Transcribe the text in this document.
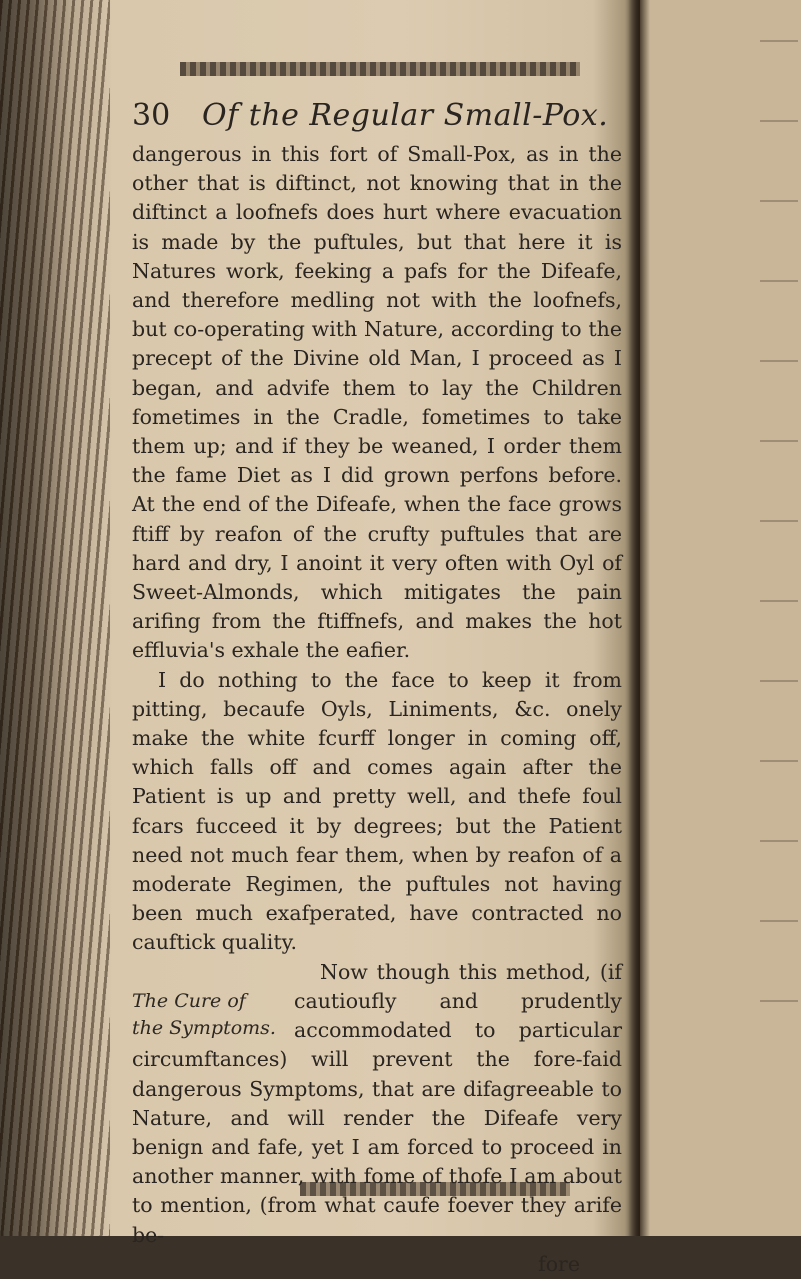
30	Of the Regular Small-Pox.

dangerous in this fort of Small-Pox, as in the other that is diftinct, not knowing that in the diftinct a loofnefs does hurt where evacuation is made by the puftules, but that here it is Natures work, feeking a pafs for the Difeafe, and therefore medling not with the loofnefs, but co-operating with Nature, according to the precept of the Divine old Man, I proceed as I began, and advife them to lay the Children fometimes in the Cradle, fometimes to take them up; and if they be weaned, I order them the fame Diet as I did grown perfons before. At the end of the Difeafe, when the face grows ftiff by reafon of the crufty puftules that are hard and dry, I anoint it very often with Oyl of Sweet-Almonds, which mitigates the pain arifing from the ftiffnefs, and makes the hot effluvia's exhale the eafier.

I do nothing to the face to keep it from pitting, becaufe Oyls, Liniments, &c. onely make the white fcurff longer in coming off, which falls off and comes again after the Patient is up and pretty well, and thefe foul fcars fucceed it by degrees; but the Patient need not much fear them, when by reafon of a moderate Regimen, the puftules not having been much exafperated, have contracted no cauftick quality.

The Cure of the Symptoms.

Now though this method, (if cautioufly and prudently accommodated to particular circumftances) will prevent the fore-faid dangerous Symptoms, that are difagreeable to Nature, and will render the Difeafe very benign and fafe, yet I am forced to proceed in another manner, with fome of thofe I am about to mention, (from what caufe foever they arife be-

fore
